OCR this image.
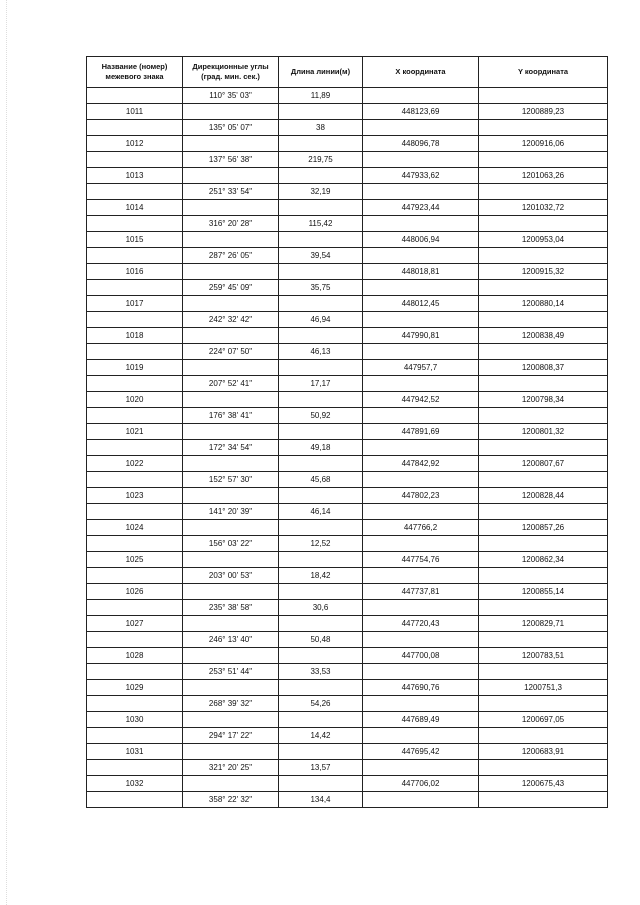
Название (номер) межевого знака	Дирекционные углы (град. мин. сек.)	Длина линии(м)	X координата	Y координата
	110° 35' 03"	11,89		
1011			448123,69	1200889,23
	135° 05' 07"	38		
1012			448096,78	1200916,06
	137° 56' 38"	219,75		
1013			447933,62	1201063,26
	251° 33' 54"	32,19		
1014			447923,44	1201032,72
	316° 20' 28"	115,42		
1015			448006,94	1200953,04
	287° 26' 05"	39,54		
1016			448018,81	1200915,32
	259° 45' 09"	35,75		
1017			448012,45	1200880,14
	242° 32' 42"	46,94		
1018			447990,81	1200838,49
	224° 07' 50"	46,13		
1019			447957,7	1200808,37
	207° 52' 41"	17,17		
1020			447942,52	1200798,34
	176° 38' 41"	50,92		
1021			447891,69	1200801,32
	172° 34' 54"	49,18		
1022			447842,92	1200807,67
	152° 57' 30"	45,68		
1023			447802,23	1200828,44
	141° 20' 39"	46,14		
1024			447766,2	1200857,26
	156° 03' 22"	12,52		
1025			447754,76	1200862,34
	203° 00' 53"	18,42		
1026			447737,81	1200855,14
	235° 38' 58"	30,6		
1027			447720,43	1200829,71
	246° 13' 40"	50,48		
1028			447700,08	1200783,51
	253° 51' 44"	33,53		
1029			447690,76	1200751,3
	268° 39' 32"	54,26		
1030			447689,49	1200697,05
	294° 17' 22"	14,42		
1031			447695,42	1200683,91
	321° 20' 25"	13,57		
1032			447706,02	1200675,43
	358° 22' 32"	134,4		
